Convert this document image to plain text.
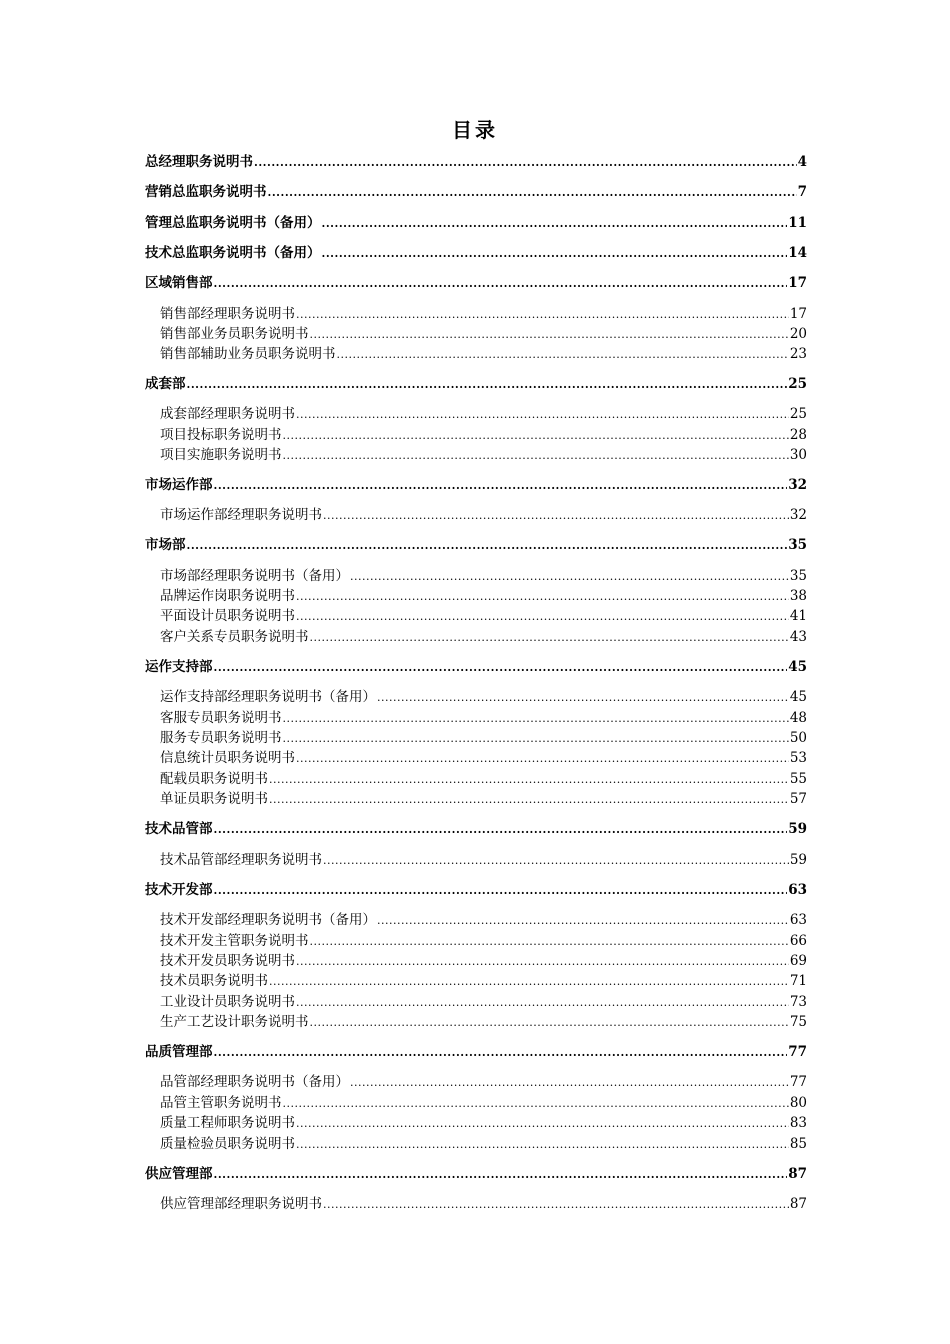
目录
总经理职务说明书 .....	4
营销总监职务说明书 .....	7
管理总监职务说明书（备用） .....	11
技术总监职务说明书（备用） .....	14
区域销售部 .....	17
销售部经理职务说明书 .....	17
销售部业务员职务说明书 .....	20
销售部辅助业务员职务说明书 .....	23
成套部 .....	25
成套部经理职务说明书 .....	25
项目投标职务说明书 .....	28
项目实施职务说明书 .....	30
市场运作部 .....	32
市场运作部经理职务说明书 .....	32
市场部 .....	35
市场部经理职务说明书（备用） .....	35
品牌运作岗职务说明书 .....	38
平面设计员职务说明书 .....	41
客户关系专员职务说明书 .....	43
运作支持部 .....	45
运作支持部经理职务说明书（备用） .....	45
客服专员职务说明书 .....	48
服务专员职务说明书 .....	50
信息统计员职务说明书 .....	53
配载员职务说明书 .....	55
单证员职务说明书 .....	57
技术品管部 .....	59
技术品管部经理职务说明书 .....	59
技术开发部 .....	63
技术开发部经理职务说明书（备用） .....	63
技术开发主管职务说明书 .....	66
技术开发员职务说明书 .....	69
技术员职务说明书 .....	71
工业设计员职务说明书 .....	73
生产工艺设计职务说明书 .....	75
品质管理部 .....	77
品管部经理职务说明书（备用） .....	77
品管主管职务说明书 .....	80
质量工程师职务说明书 .....	83
质量检验员职务说明书 .....	85
供应管理部 .....	87
供应管理部经理职务说明书 .....	87
